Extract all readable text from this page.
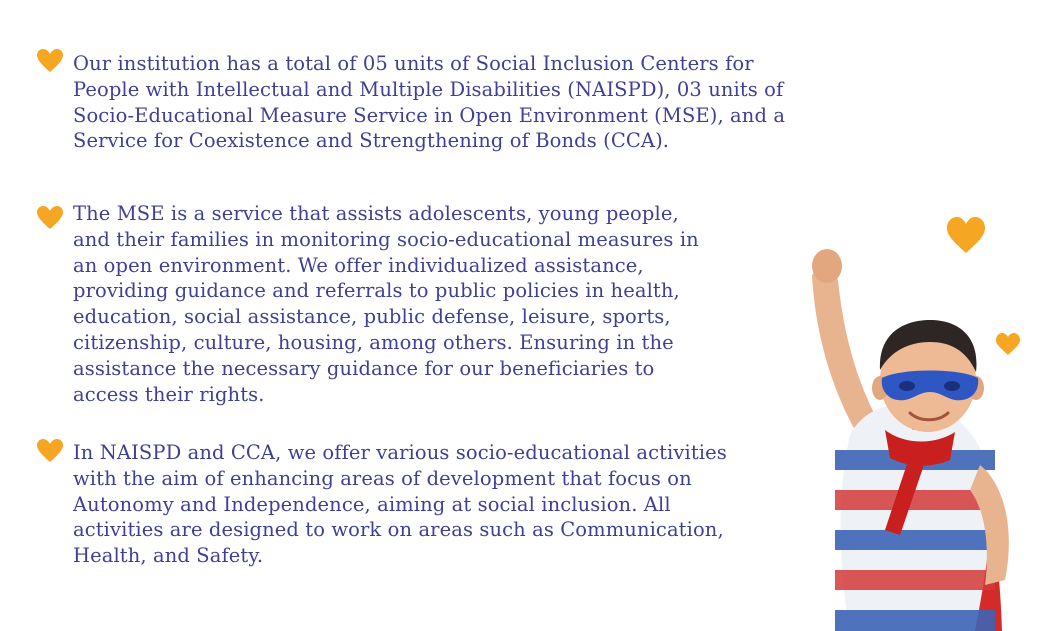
Our institution has a total of 05 units of Social Inclusion Centers for
People with Intellectual and Multiple Disabilities (NAISPD), 03 units of
Socio-Educational Measure Service in Open Environment (MSE), and a
Service for Coexistence and Strengthening of Bonds (CCA).
The MSE is a service that assists adolescents, young people,
and their families in monitoring socio-educational measures in
an open environment. We offer individualized assistance,
providing guidance and referrals to public policies in health,
education, social assistance, public defense, leisure, sports,
citizenship, culture, housing, among others. Ensuring in the
assistance the necessary guidance for our beneficiaries to
access their rights.
In NAISPD and CCA, we offer various socio-educational activities
with the aim of enhancing areas of development that focus on
Autonomy and Independence, aiming at social inclusion. All
activities are designed to work on areas such as Communication,
Health, and Safety.
